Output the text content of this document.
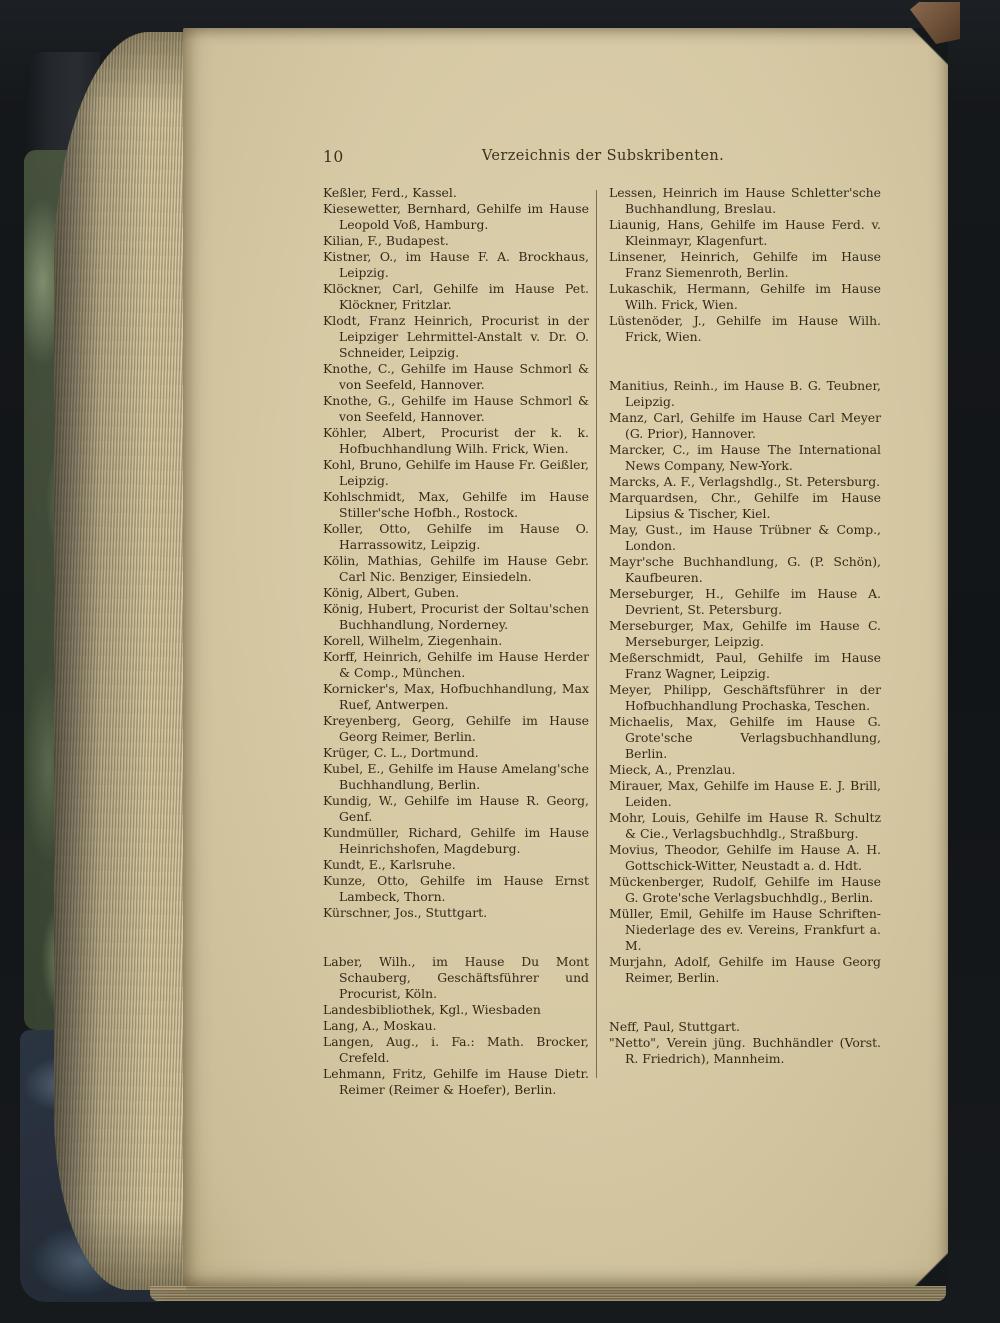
10	Verzeichnis der Subskribenten.

Keßler, Ferd., Kassel.

Kiesewetter, Bernhard, Gehilfe im Hause Leopold Voß, Hamburg.

Kilian, F., Budapest.

Kistner, O., im Hause F. A. Brockhaus, Leipzig.

Klöckner, Carl, Gehilfe im Hause Pet. Klöckner, Fritzlar.

Klodt, Franz Heinrich, Procurist in der Leipziger Lehrmittel-Anstalt v. Dr. O. Schneider, Leipzig.

Knothe, C., Gehilfe im Hause Schmorl & von Seefeld, Hannover.

Knothe, G., Gehilfe im Hause Schmorl & von Seefeld, Hannover.

Köhler, Albert, Procurist der k. k. Hofbuchhandlung Wilh. Frick, Wien.

Kohl, Bruno, Gehilfe im Hause Fr. Geißler, Leipzig.

Kohlschmidt, Max, Gehilfe im Hause Stiller'sche Hofbh., Rostock.

Koller, Otto, Gehilfe im Hause O. Harrassowitz, Leipzig.

Kölin, Mathias, Gehilfe im Hause Gebr. Carl Nic. Benziger, Einsiedeln.

König, Albert, Guben.

König, Hubert, Procurist der Soltau'schen Buchhandlung, Norderney.

Korell, Wilhelm, Ziegenhain.

Korff, Heinrich, Gehilfe im Hause Herder & Comp., München.

Kornicker's, Max, Hofbuchhandlung, Max Ruef, Antwerpen.

Kreyenberg, Georg, Gehilfe im Hause Georg Reimer, Berlin.

Krüger, C. L., Dortmund.

Kubel, E., Gehilfe im Hause Amelang'sche Buchhandlung, Berlin.

Kundig, W., Gehilfe im Hause R. Georg, Genf.

Kundmüller, Richard, Gehilfe im Hause Heinrichshofen, Magdeburg.

Kundt, E., Karlsruhe.

Kunze, Otto, Gehilfe im Hause Ernst Lambeck, Thorn.

Kürschner, Jos., Stuttgart.

Laber, Wilh., im Hause Du Mont Schauberg, Geschäftsführer und Procurist, Köln.

Landesbibliothek, Kgl., Wiesbaden

Lang, A., Moskau.

Langen, Aug., i. Fa.: Math. Brocker, Crefeld.

Lehmann, Fritz, Gehilfe im Hause Dietr. Reimer (Reimer & Hoefer), Berlin.

Lessen, Heinrich im Hause Schletter'sche Buchhandlung, Breslau.

Liaunig, Hans, Gehilfe im Hause Ferd. v. Kleinmayr, Klagenfurt.

Linsener, Heinrich, Gehilfe im Hause Franz Siemenroth, Berlin.

Lukaschik, Hermann, Gehilfe im Hause Wilh. Frick, Wien.

Lüstenöder, J., Gehilfe im Hause Wilh. Frick, Wien.

Manitius, Reinh., im Hause B. G. Teubner, Leipzig.

Manz, Carl, Gehilfe im Hause Carl Meyer (G. Prior), Hannover.

Marcker, C., im Hause The International News Company, New-York.

Marcks, A. F., Verlagshdlg., St. Petersburg.

Marquardsen, Chr., Gehilfe im Hause Lipsius & Tischer, Kiel.

May, Gust., im Hause Trübner & Comp., London.

Mayr'sche Buchhandlung, G. (P. Schön), Kaufbeuren.

Merseburger, H., Gehilfe im Hause A. Devrient, St. Petersburg.

Merseburger, Max, Gehilfe im Hause C. Merseburger, Leipzig.

Meßerschmidt, Paul, Gehilfe im Hause Franz Wagner, Leipzig.

Meyer, Philipp, Geschäftsführer in der Hofbuchhandlung Prochaska, Teschen.

Michaelis, Max, Gehilfe im Hause G. Grote'sche Verlagsbuchhandlung, Berlin.

Mieck, A., Prenzlau.

Mirauer, Max, Gehilfe im Hause E. J. Brill, Leiden.

Mohr, Louis, Gehilfe im Hause R. Schultz & Cie., Verlagsbuchhdlg., Straßburg.

Movius, Theodor, Gehilfe im Hause A. H. Gottschick-Witter, Neustadt a. d. Hdt.

Mückenberger, Rudolf, Gehilfe im Hause G. Grote'sche Verlagsbuchhdlg., Berlin.

Müller, Emil, Gehilfe im Hause Schriften-Niederlage des ev. Vereins, Frankfurt a. M.

Murjahn, Adolf, Gehilfe im Hause Georg Reimer, Berlin.

Neff, Paul, Stuttgart.

"Netto", Verein jüng. Buchhändler (Vorst. R. Friedrich), Mannheim.
